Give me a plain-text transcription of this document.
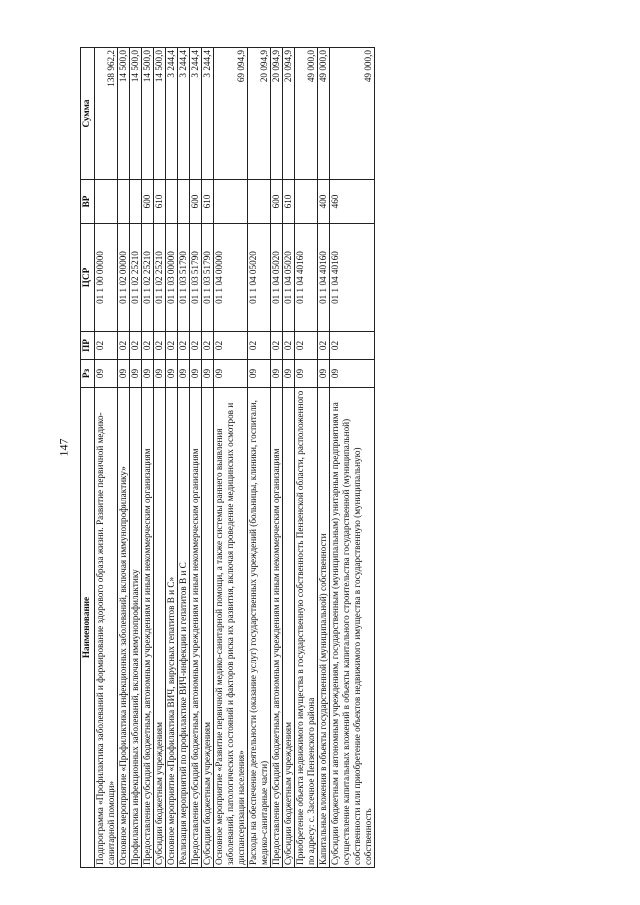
147
Наименование	Рз	ПР	ЦСР	ВР	Сумма
Подпрограмма «Профилактика заболеваний и формирование здорового образа жизни. Развитие первичной медико-санитарной помощи»	09	02	01 1 00 00000		138 962,2
Основное мероприятие «Профилактика инфекционных заболеваний, включая иммунопрофилактику»	09	02	01 1 02 00000		14 500,0
Профилактика инфекционных заболеваний, включая иммунопрофилактику	09	02	01 1 02 25210		14 500,0
Предоставление субсидий бюджетным, автономным учреждениям и иным некоммерческим организациям	09	02	01 1 02 25210	600	14 500,0
Субсидии бюджетным учреждениям	09	02	01 1 02 25210	610	14 500,0
Основное мероприятие «Профилактика ВИЧ, вирусных гепатитов В и С»	09	02	01 1 03 00000		3 244,4
Реализация мероприятий по профилактике ВИЧ-инфекции и гепатитов В и С	09	02	01 1 03 51790		3 244,4
Предоставление субсидий бюджетным, автономным учреждениям и иным некоммерческим организациям	09	02	01 1 03 51790	600	3 244,4
Субсидии бюджетным учреждениям	09	02	01 1 03 51790	610	3 244,4
Основное мероприятие «Развитие первичной медико-санитарной помощи, а также системы раннего выявления заболеваний, патологических состояний и факторов риска их развития, включая проведение медицинских осмотров и диспансеризации населения»	09	02	01 1 04 00000		69 094,9
Расходы на обеспечение деятельности (оказание услуг) государственных учреждений (больницы, клиники, госпитали, медико-санитарные части)	09	02	01 1 04 05020		20 094,9
Предоставление субсидий бюджетным, автономным учреждениям и иным некоммерческим организациям	09	02	01 1 04 05020	600	20 094,9
Субсидии бюджетным учреждениям	09	02	01 1 04 05020	610	20 094,9
Приобретение объекта недвижимого имущества в государственную собственность Пензенской области, расположенного по адресу: с. Засечное Пензенского района	09	02	01 1 04 40160		49 000,0
Капитальные вложения в объекты государственной (муниципальной) собственности	09	02	01 1 04 40160	400	49 000,0
Субсидии бюджетным и автономным учреждениям, государственным (муниципальным) унитарным предприятиям на осуществление капитальных вложений в объекты капитального строительства государственной (муниципальной) собственности или приобретение объектов недвижимого имущества в государственную (муниципальную) собственность	09	02	01 1 04 40160	460	49 000,0
